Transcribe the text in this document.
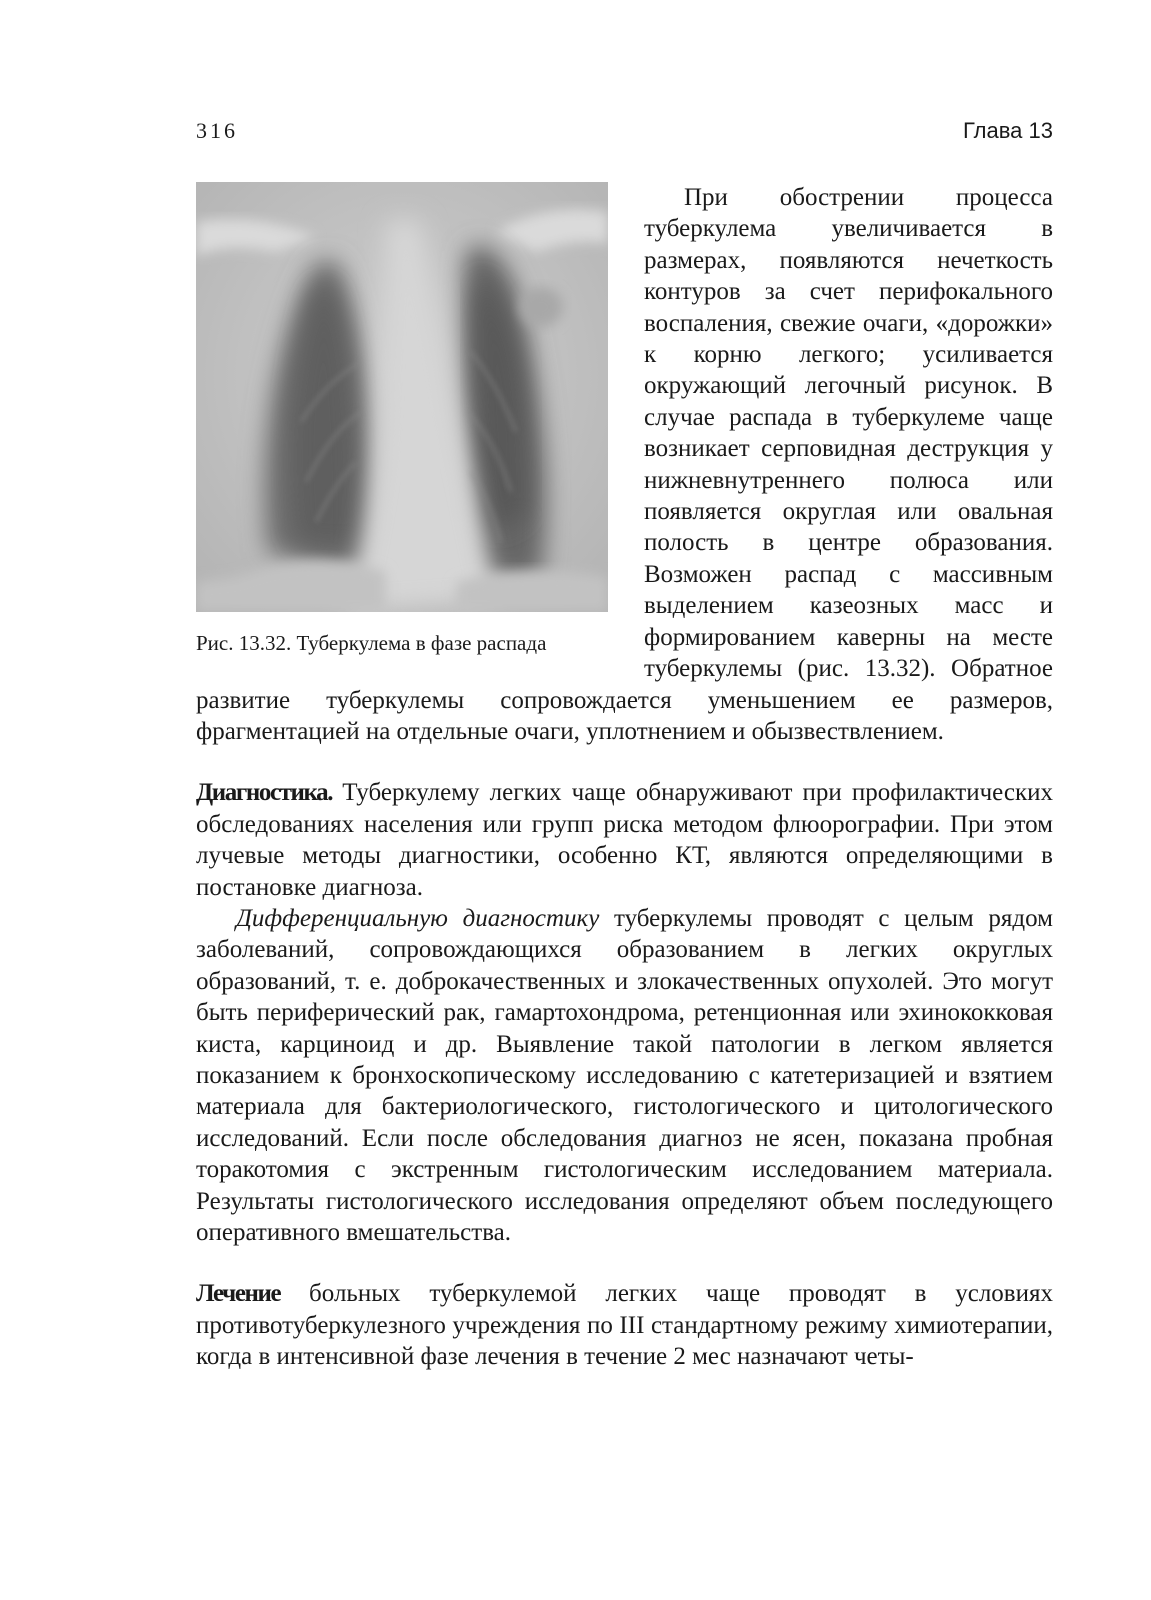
316	Глава 13
Рис. 13.32. Туберкулема в фазе распада

При обострении процесса туберкулема увеличивается в размерах, появляются нечеткость контуров за счет перифокального воспаления, свежие очаги, «дорожки» к корню легкого; усиливается окружающий легочный рисунок. В случае распада в туберкулеме чаще возникает серповидная деструкция у нижневнутреннего полюса или появляется округлая или овальная полость в центре образования. Возможен распад с массивным выделением казеозных масс и формированием каверны на месте туберкулемы (рис. 13.32). Обратное развитие туберкулемы сопровождается уменьшением ее размеров, фрагментацией на отдельные очаги, уплотнением и обызвествлением.

Диагностика. Туберкулему легких чаще обнаруживают при профилактических обследованиях населения или групп риска методом флюорографии. При этом лучевые методы диагностики, особенно КТ, являются определяющими в постановке диагноза.

Дифференциальную диагностику туберкулемы проводят с целым рядом заболеваний, сопровождающихся образованием в легких округлых образований, т. е. доброкачественных и злокачественных опухолей. Это могут быть периферический рак, гамартохондрома, ретенционная или эхинококковая киста, карциноид и др. Выявление такой патологии в легком является показанием к бронхоскопическому исследованию с катетеризацией и взятием материала для бактериологического, гистологического и цитологического исследований. Если после обследования диагноз не ясен, показана пробная торакотомия с экстренным гистологическим исследованием материала. Результаты гистологического исследования определяют объем последующего оперативного вмешательства.

Лечение больных туберкулемой легких чаще проводят в условиях противотуберкулезного учреждения по III стандартному режиму химиотерапии, когда в интенсивной фазе лечения в течение 2 мес назначают четы-
